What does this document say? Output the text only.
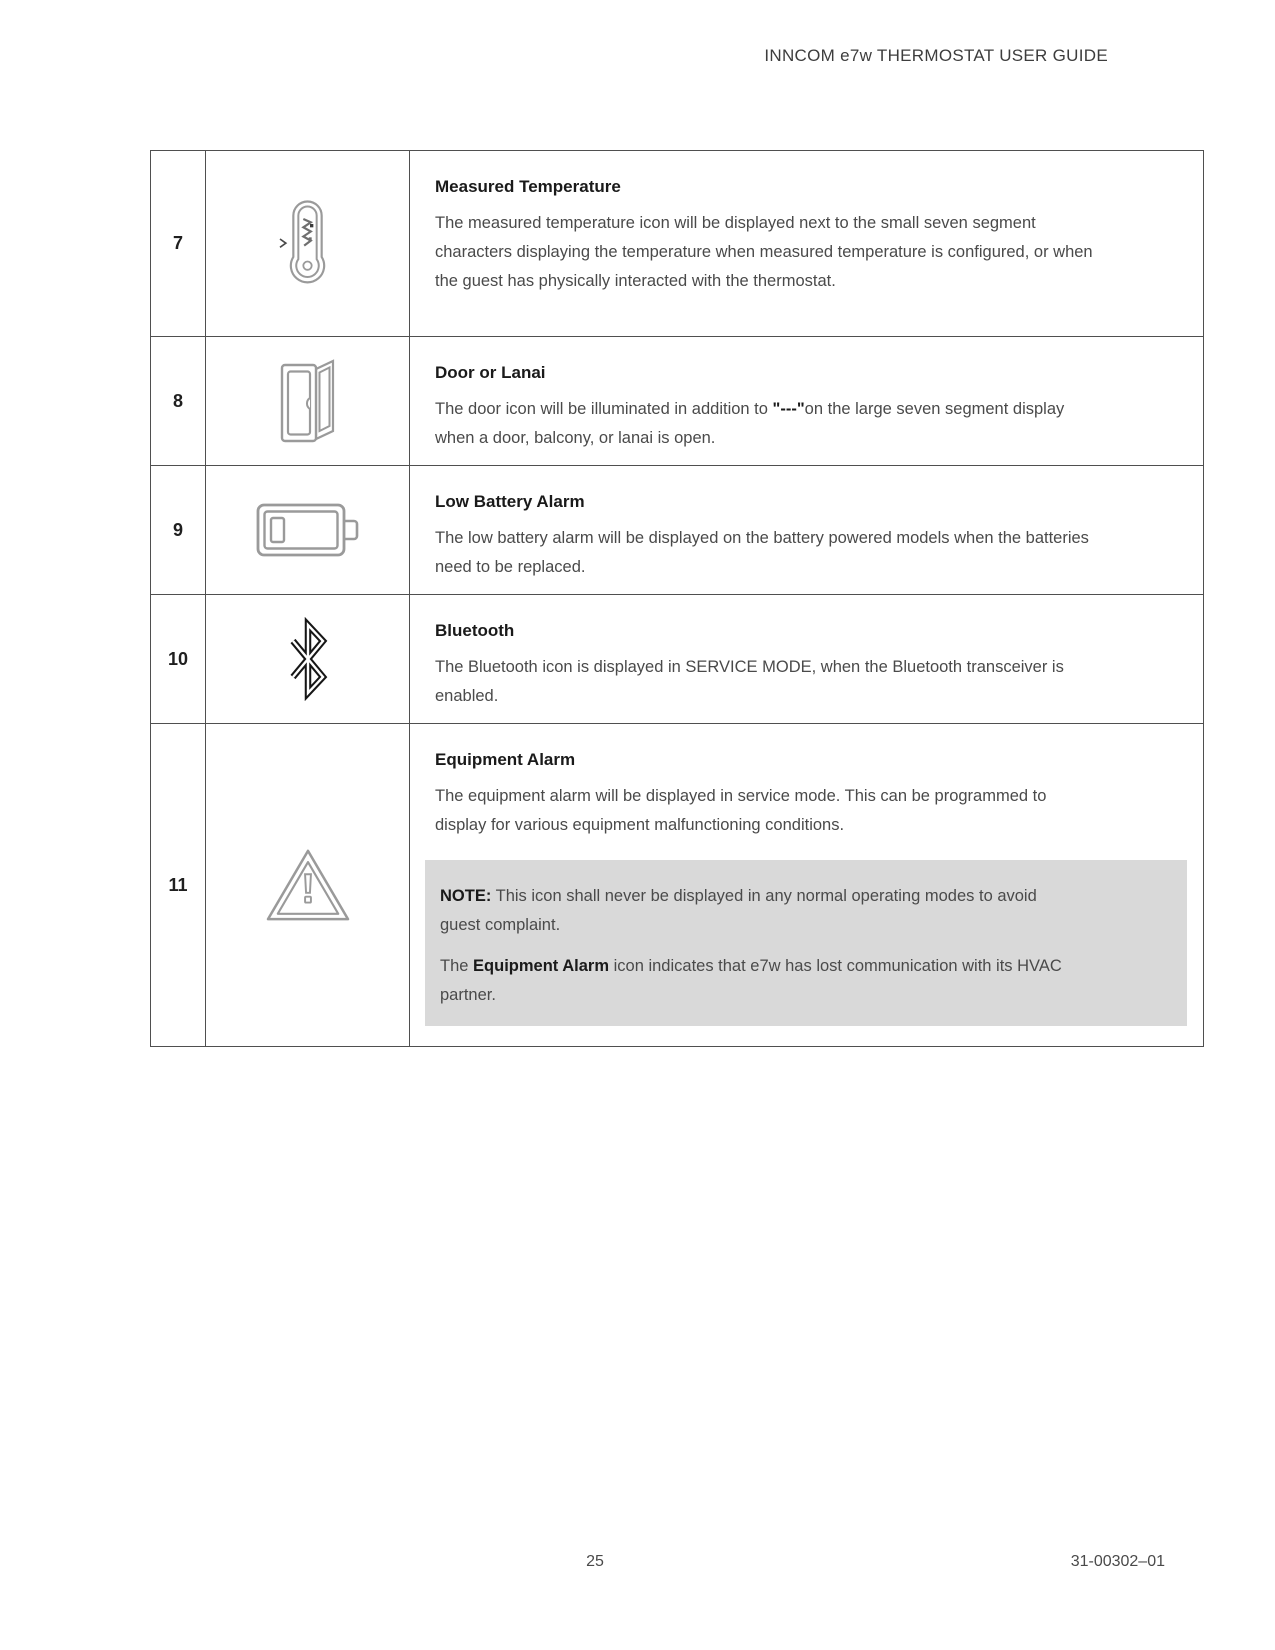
INNCOM e7w THERMOSTAT USER GUIDE
7		Measured Temperature

The measured temperature icon will be displayed next to the small seven segment characters displaying the temperature when measured temperature is configured, or when the guest has physically interacted with the thermostat.

8		Door or Lanai

The door icon will be illuminated in addition to "---"on the large seven segment display when a door, balcony, or lanai is open.

9		Low Battery Alarm

The low battery alarm will be displayed on the battery powered models when the batteries need to be replaced.

10		Bluetooth

The Bluetooth icon is displayed in SERVICE MODE, when the Bluetooth transceiver is enabled.

11		Equipment Alarm

The equipment alarm will be displayed in service mode. This can be programmed to display for various equipment malfunctioning conditions.

NOTE: This icon shall never be displayed in any normal operating modes to avoid guest complaint.

The Equipment Alarm icon indicates that e7w has lost communication with its HVAC partner.

25	31-00302–01
